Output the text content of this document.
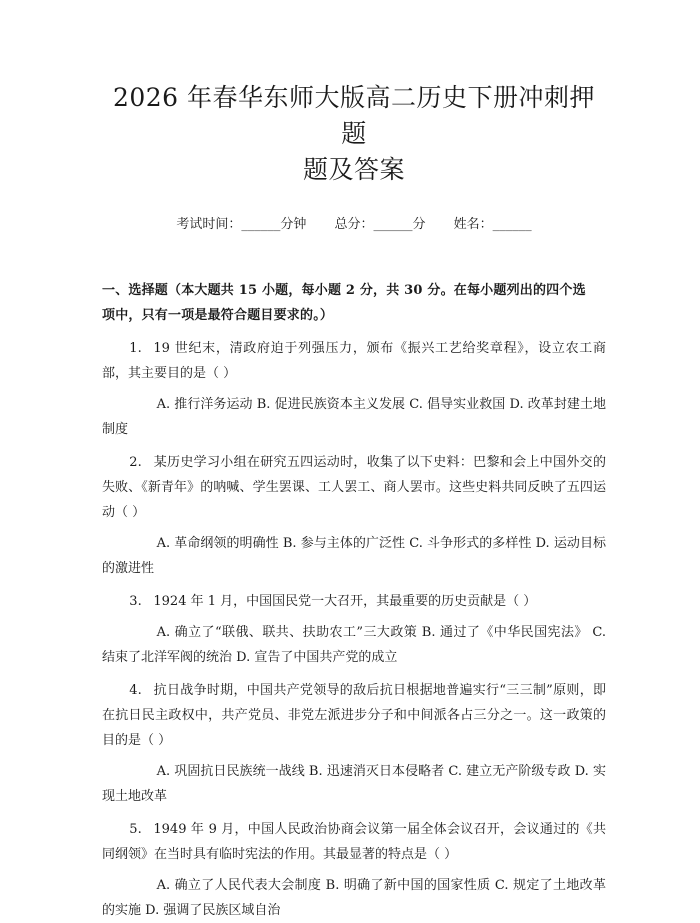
2026 年春华东师大版高二历史下册冲刺押题
题及答案
考试时间：______分钟 总分：______分 姓名：______
一、选择题（本大题共 15 小题，每小题 2 分，共 30 分。在每小题列出的四个选
项中，只有一项是最符合题目要求的。）
1. 19 世纪末，清政府迫于列强压力，颁布《振兴工艺给奖章程》，设立农工商部，其主要目的是（ ）
A. 推行洋务运动 B. 促进民族资本主义发展 C. 倡导实业救国 D. 改革封建土地制度
2. 某历史学习小组在研究五四运动时，收集了以下史料：巴黎和会上中国外交的失败、《新青年》的呐喊、学生罢课、工人罢工、商人罢市。这些史料共同反映了五四运动（ ）
A. 革命纲领的明确性 B. 参与主体的广泛性 C. 斗争形式的多样性 D. 运动目标的激进性
3. 1924 年 1 月，中国国民党一大召开，其最重要的历史贡献是（ ）
A. 确立了“联俄、联共、扶助农工”三大政策 B. 通过了《中华民国宪法》 C. 结束了北洋军阀的统治 D. 宣告了中国共产党的成立
4. 抗日战争时期，中国共产党领导的敌后抗日根据地普遍实行“三三制”原则，即在抗日民主政权中，共产党员、非党左派进步分子和中间派各占三分之一。这一政策的目的是（ ）
A. 巩固抗日民族统一战线 B. 迅速消灭日本侵略者 C. 建立无产阶级专政 D. 实现土地改革
5. 1949 年 9 月，中国人民政治协商会议第一届全体会议召开，会议通过的《共同纲领》在当时具有临时宪法的作用。其最显著的特点是（ ）
A. 确立了人民代表大会制度 B. 明确了新中国的国家性质 C. 规定了土地改革的实施 D. 强调了民族区域自治
